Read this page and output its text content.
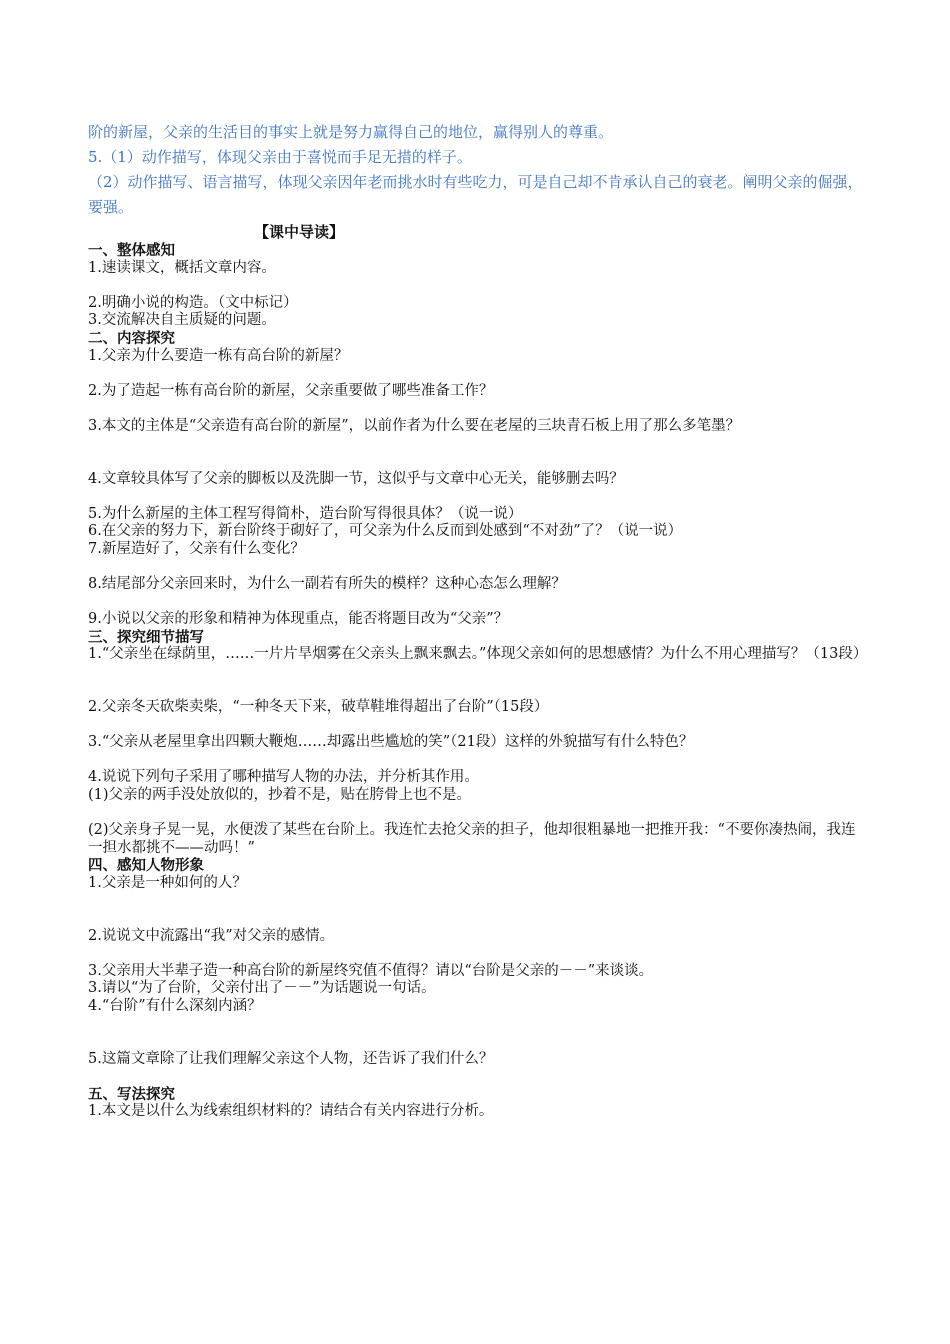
阶的新屋，父亲的生活目的事实上就是努力赢得自己的地位，赢得别人的尊重。
5.（1）动作描写，体现父亲由于喜悦而手足无措的样子。
（2）动作描写、语言描写，体现父亲因年老而挑水时有些吃力，可是自己却不肯承认自己的衰老。阐明父亲的倔强，要强。
【课中导读】
一、整体感知
1.速读课文，概括文章内容。
2.明确小说的构造。（文中标记）
3.交流解决自主质疑的问题。
二、内容探究
1.父亲为什么要造一栋有高台阶的新屋？
2.为了造起一栋有高台阶的新屋，父亲重要做了哪些准备工作？
3.本文的主体是“父亲造有高台阶的新屋”，以前作者为什么要在老屋的三块青石板上用了那么多笔墨？
4.文章较具体写了父亲的脚板以及洗脚一节，这似乎与文章中心无关，能够删去吗？
5.为什么新屋的主体工程写得简朴，造台阶写得很具体？（说一说）
6.在父亲的努力下，新台阶终于砌好了，可父亲为什么反而到处感到“不对劲”了？（说一说）
7.新屋造好了，父亲有什么变化？
8.结尾部分父亲回来时，为什么一副若有所失的模样？这种心态怎么理解？
9.小说以父亲的形象和精神为体现重点，能否将题目改为“父亲”？
三、探究细节描写
1.“父亲坐在绿荫里，……一片片旱烟雾在父亲头上飘来飘去。”体现父亲如何的思想感情？为什么不用心理描写？（13段）
2.父亲冬天砍柴卖柴，“一种冬天下来，破草鞋堆得超出了台阶”（15段）
3.“父亲从老屋里拿出四颗大鞭炮……却露出些尴尬的笑”（21段）这样的外貌描写有什么特色？
4.说说下列句子采用了哪种描写人物的办法，并分析其作用。
(1)父亲的两手没处放似的，抄着不是，贴在胯骨上也不是。
(2)父亲身子晃一晃，水便泼了某些在台阶上。我连忙去抢父亲的担子，他却很粗暴地一把推开我：“不要你凑热闹，我连一担水都挑不——动吗！”
四、感知人物形象
1.父亲是一种如何的人？
2.说说文中流露出“我”对父亲的感情。
3.父亲用大半辈子造一种高台阶的新屋终究值不值得？请以“台阶是父亲的－－”来谈谈。
3.请以“为了台阶，父亲付出了－－”为话题说一句话。
4.“台阶”有什么深刻内涵？
5.这篇文章除了让我们理解父亲这个人物，还告诉了我们什么？
五、写法探究
1.本文是以什么为线索组织材料的？请结合有关内容进行分析。
